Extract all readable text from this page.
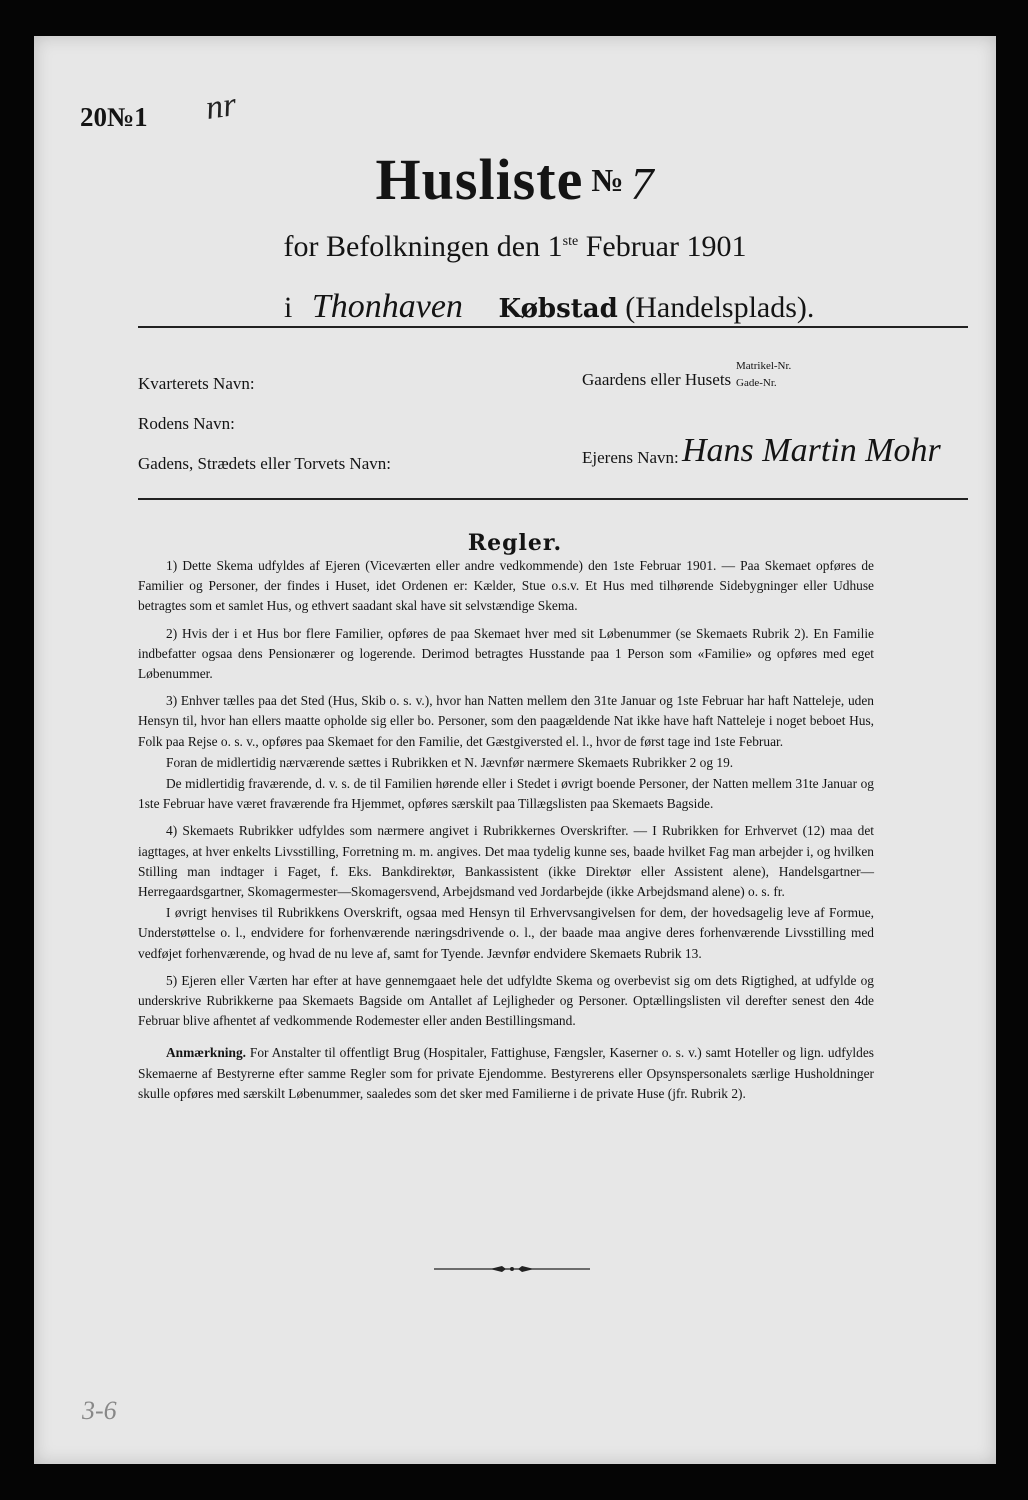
20№1 nr
Husliste № 7
for Befolkningen den 1ste Februar 1901
i Thonhaven Købstad (Handelsplads).
Kvarterets Navn:
Rodens Navn:
Gadens, Strædets eller Torvets Navn:
Gaardens eller Husets
Matrikel-Nr.
Gade-Nr.
Ejerens Navn: Hans Martin Mohr
Regler.

1) Dette Skema udfyldes af Ejeren (Viceværten eller andre vedkommende) den 1ste Februar 1901. — Paa Skemaet opføres de Familier og Personer, der findes i Huset, idet Ordenen er: Kælder, Stue o.s.v. Et Hus med tilhørende Sidebygninger eller Udhuse betragtes som et samlet Hus, og ethvert saadant skal have sit selvstændige Skema.

2) Hvis der i et Hus bor flere Familier, opføres de paa Skemaet hver med sit Løbenummer (se Skemaets Rubrik 2). En Familie indbefatter ogsaa dens Pensionærer og logerende. Derimod betragtes Husstande paa 1 Person som «Familie» og opføres med eget Løbenummer.

3) Enhver tælles paa det Sted (Hus, Skib o. s. v.), hvor han Natten mellem den 31te Januar og 1ste Februar har haft Natteleje, uden Hensyn til, hvor han ellers maatte opholde sig eller bo. Personer, som den paagældende Nat ikke have haft Natteleje i noget beboet Hus, Folk paa Rejse o. s. v., opføres paa Skemaet for den Familie, det Gæstgiversted el. l., hvor de først tage ind 1ste Februar.

Foran de midlertidig nærværende sættes i Rubrikken et N. Jævnfør nærmere Skemaets Rubrikker 2 og 19.

De midlertidig fraværende, d. v. s. de til Familien hørende eller i Stedet i øvrigt boende Personer, der Natten mellem 31te Januar og 1ste Februar have været fraværende fra Hjemmet, opføres særskilt paa Tillægslisten paa Skemaets Bagside.

4) Skemaets Rubrikker udfyldes som nærmere angivet i Rubrikkernes Overskrifter. — I Rubrikken for Erhvervet (12) maa det iagttages, at hver enkelts Livsstilling, Forretning m. m. angives. Det maa tydelig kunne ses, baade hvilket Fag man arbejder i, og hvilken Stilling man indtager i Faget, f. Eks. Bankdirektør, Bankassistent (ikke Direktør eller Assistent alene), Handelsgartner—Herregaardsgartner, Skomagermester—Skomagersvend, Arbejdsmand ved Jordarbejde (ikke Arbejdsmand alene) o. s. fr.

I øvrigt henvises til Rubrikkens Overskrift, ogsaa med Hensyn til Erhvervsangivelsen for dem, der hovedsagelig leve af Formue, Understøttelse o. l., endvidere for forhenværende næringsdrivende o. l., der baade maa angive deres forhenværende Livsstilling med vedføjet forhenværende, og hvad de nu leve af, samt for Tyende. Jævnfør endvidere Skemaets Rubrik 13.

5) Ejeren eller Værten har efter at have gennemgaaet hele det udfyldte Skema og overbevist sig om dets Rigtighed, at udfylde og underskrive Rubrikkerne paa Skemaets Bagside om Antallet af Lejligheder og Personer. Optællingslisten vil derefter senest den 4de Februar blive afhentet af vedkommende Rodemester eller anden Bestillingsmand.

Anmærkning. For Anstalter til offentligt Brug (Hospitaler, Fattighuse, Fængsler, Kaserner o. s. v.) samt Hoteller og lign. udfyldes Skemaerne af Bestyrerne efter samme Regler som for private Ejendomme. Bestyrerens eller Opsynspersonalets særlige Husholdninger skulle opføres med særskilt Løbenummer, saaledes som det sker med Familierne i de private Huse (jfr. Rubrik 2).

3-6
